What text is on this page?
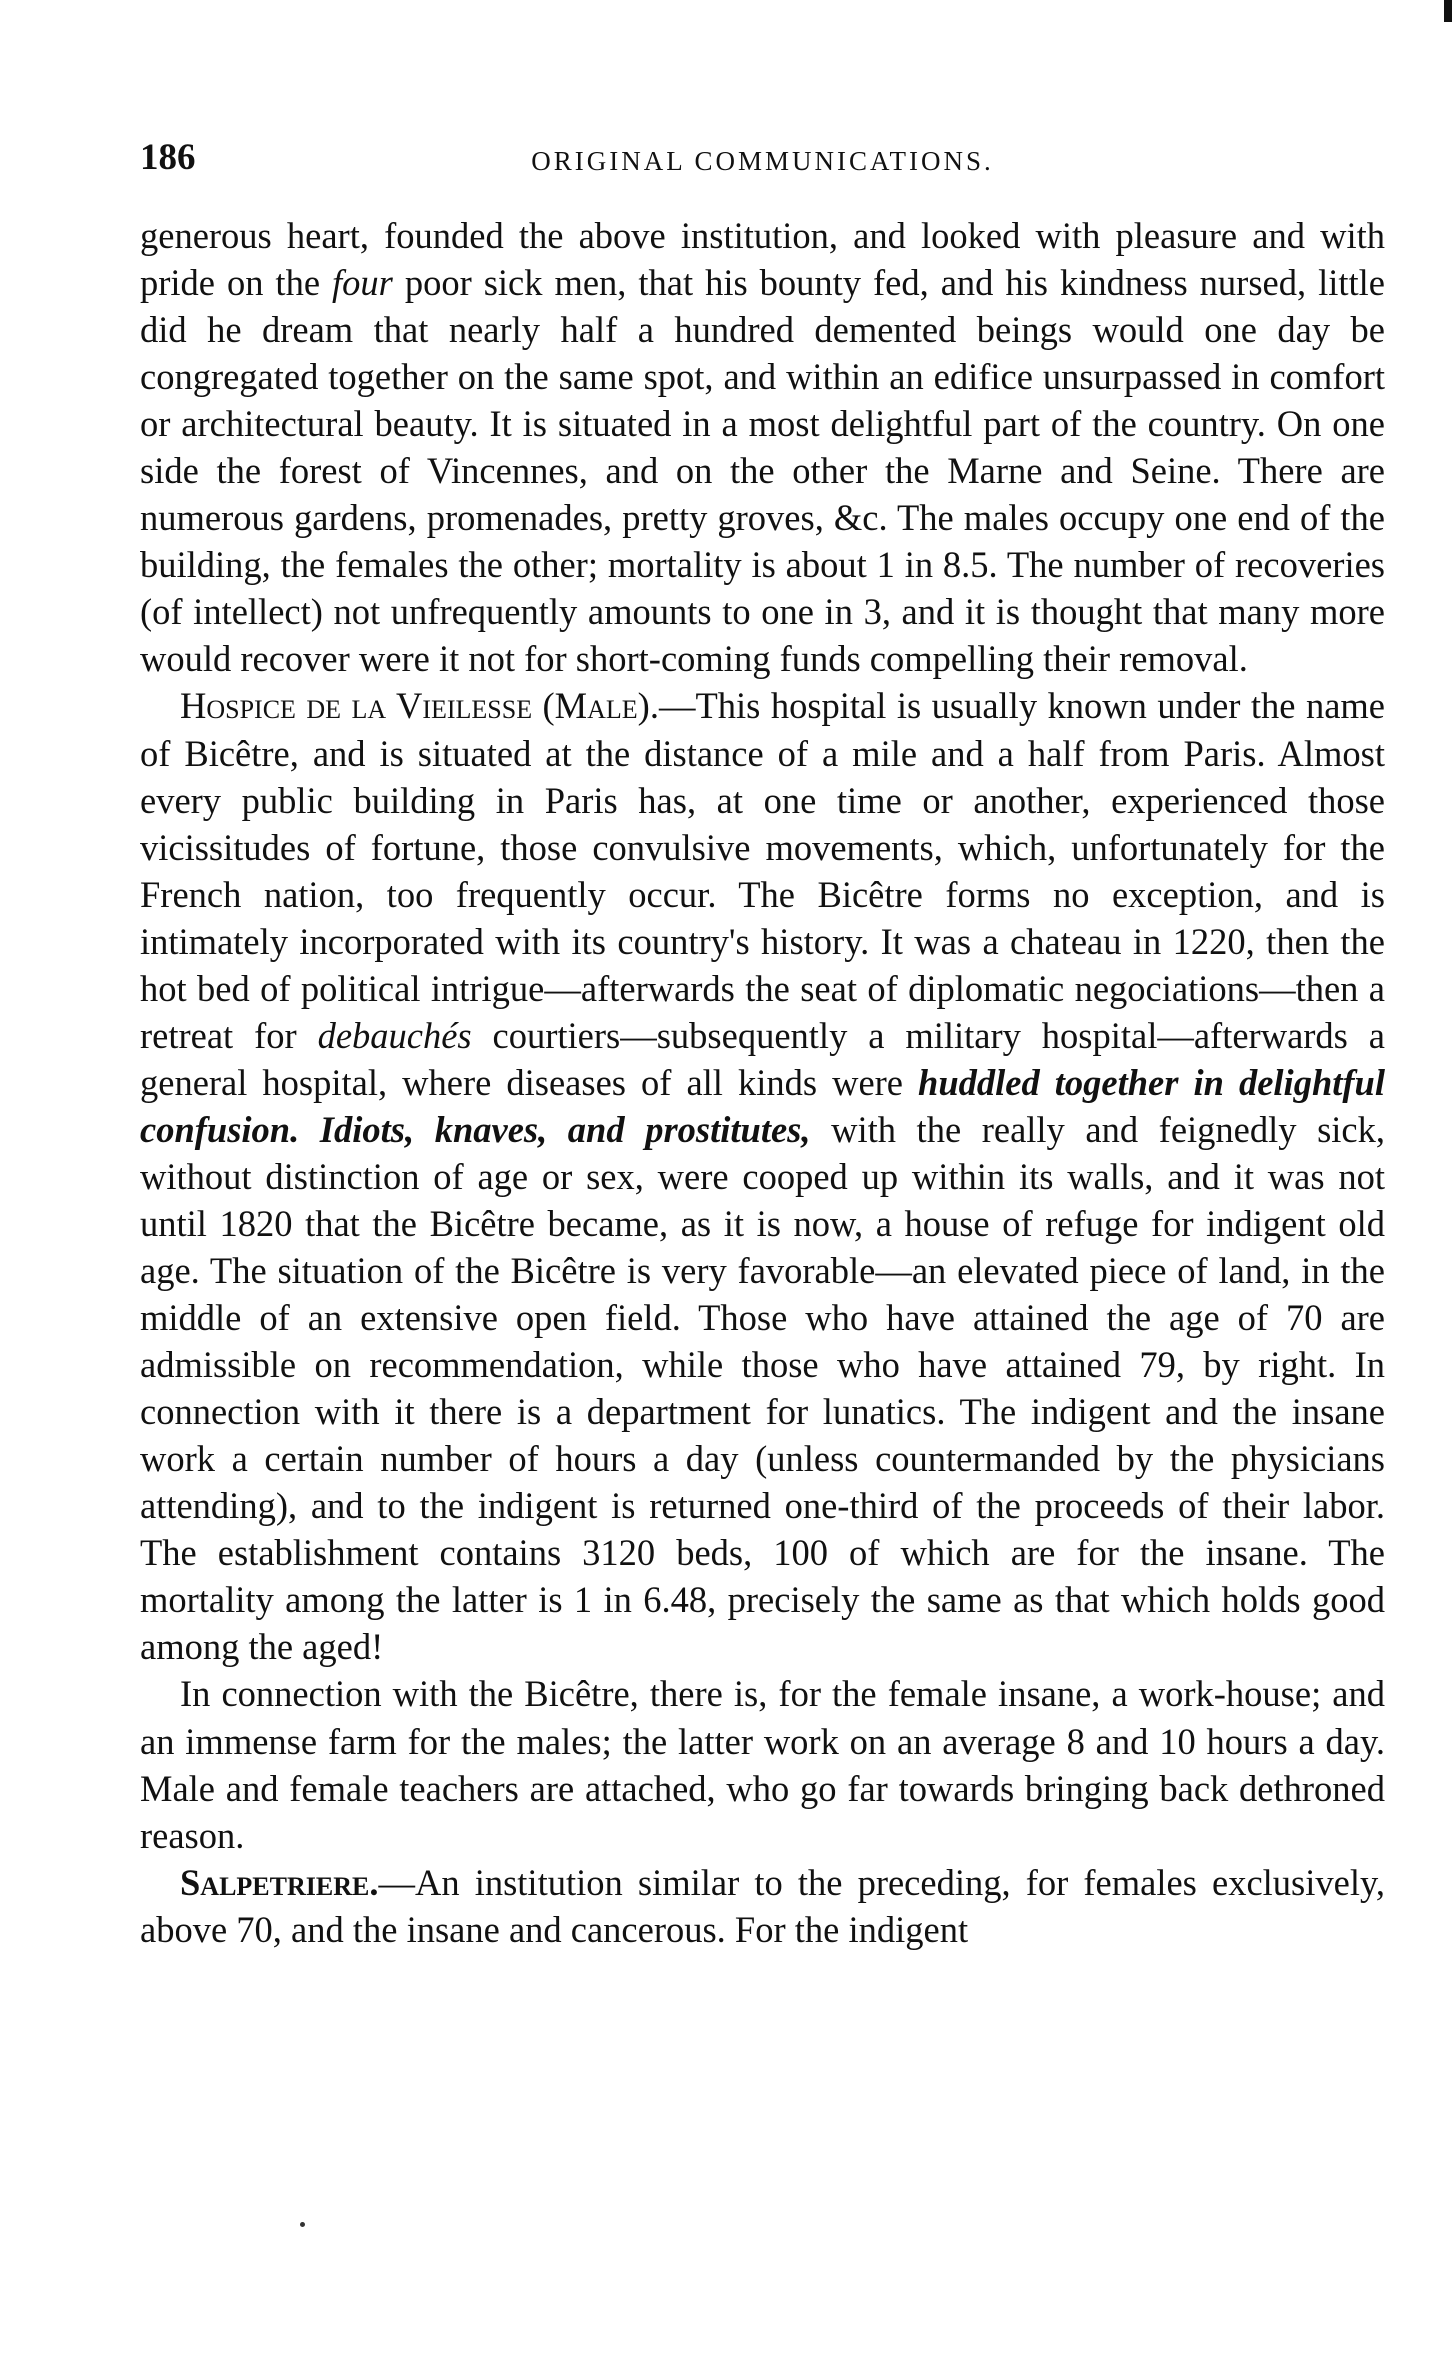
186	ORIGINAL COMMUNICATIONS.

generous heart, founded the above institution, and looked with pleasure and with pride on the four poor sick men, that his bounty fed, and his kindness nursed, little did he dream that nearly half a hundred demented beings would one day be congregated together on the same spot, and within an edifice unsurpassed in comfort or architectural beauty. It is situated in a most delightful part of the country. On one side the forest of Vincennes, and on the other the Marne and Seine. There are numerous gardens, promenades, pretty groves, &c. The males occupy one end of the building, the females the other; mortality is about 1 in 8.5. The number of recoveries (of intellect) not unfrequently amounts to one in 3, and it is thought that many more would recover were it not for short-coming funds compelling their removal.

Hospice de la Vieilesse (Male).—This hospital is usually known under the name of Bicêtre, and is situated at the distance of a mile and a half from Paris. Almost every public building in Paris has, at one time or another, experienced those vicissitudes of fortune, those convulsive movements, which, unfortunately for the French nation, too frequently occur. The Bicêtre forms no exception, and is intimately incorporated with its country's history. It was a chateau in 1220, then the hot bed of political intrigue—afterwards the seat of diplomatic negociations—then a retreat for debauchés courtiers—subsequently a military hospital—afterwards a general hospital, where diseases of all kinds were huddled together in delightful confusion. Idiots, knaves, and prostitutes, with the really and feignedly sick, without distinction of age or sex, were cooped up within its walls, and it was not until 1820 that the Bicêtre became, as it is now, a house of refuge for indigent old age. The situation of the Bicêtre is very favorable—an elevated piece of land, in the middle of an extensive open field. Those who have attained the age of 70 are admissible on recommendation, while those who have attained 79, by right. In connection with it there is a department for lunatics. The indigent and the insane work a certain number of hours a day (unless countermanded by the physicians attending), and to the indigent is returned one-third of the proceeds of their labor. The establishment contains 3120 beds, 100 of which are for the insane. The mortality among the latter is 1 in 6.48, precisely the same as that which holds good among the aged!

In connection with the Bicêtre, there is, for the female insane, a work-house; and an immense farm for the males; the latter work on an average 8 and 10 hours a day. Male and female teachers are attached, who go far towards bringing back dethroned reason.

Salpetriere.—An institution similar to the preceding, for females exclusively, above 70, and the insane and cancerous. For the indigent
